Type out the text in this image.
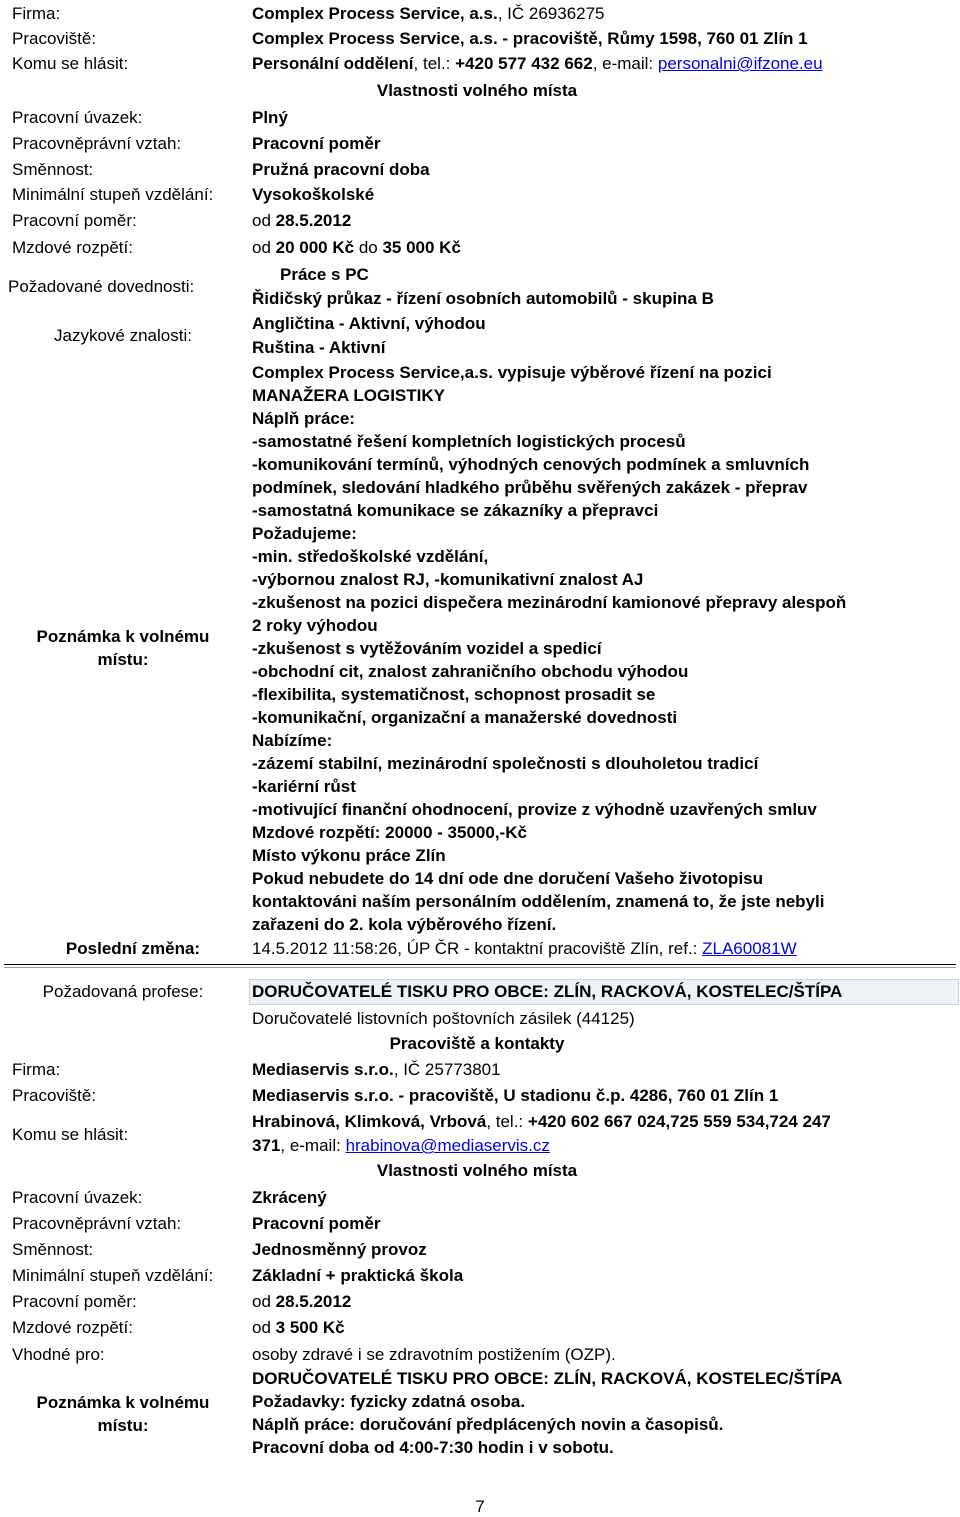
Firma:	Complex Process Service, a.s., IČ 26936275
Pracoviště:	Complex Process Service, a.s. - pracoviště, Růmy 1598, 760 01 Zlín 1
Komu se hlásit:	Personální oddělení, tel.: +420 577 432 662, e-mail: personalni@ifzone.eu
Vlastnosti volného místa
Pracovní úvazek:	Plný
Pracovněprávní vztah:	Pracovní poměr
Směnnost:	Pružná pracovní doba
Minimální stupeň vzdělání: Vysokoškolské
Pracovní poměr:	od 28.5.2012
Mzdové rozpětí:	od 20 000 Kč do 35 000 Kč
Požadované dovednosti:
Práce s PC
Řidičský průkaz - řízení osobních automobilů - skupina B
Jazykové znalosti:
Angličtina - Aktivní, výhodou
Ruština - Aktivní
Poznámka k volnému
místu:
Complex Process Service,a.s. vypisuje výběrové řízení na pozici
MANAŽERA LOGISTIKY
Náplň práce:
-samostatné řešení kompletních logistických procesů
-komunikování termínů, výhodných cenových podmínek a smluvních
podmínek, sledování hladkého průběhu svěřených zakázek - přeprav
-samostatná komunikace se zákazníky a přepravci
Požadujeme:
-min. středoškolské vzdělání,
-výbornou znalost RJ, -komunikativní znalost AJ
-zkušenost na pozici dispečera mezinárodní kamionové přepravy alespoň
2 roky výhodou
-zkušenost s vytěžováním vozidel a spedicí
-obchodní cit, znalost zahraničního obchodu výhodou
-flexibilita, systematičnost, schopnost prosadit se
-komunikační, organizační a manažerské dovednosti
Nabízíme:
-zázemí stabilní, mezinárodní společnosti s dlouholetou tradicí
-kariérní růst
-motivující finanční ohodnocení, provize z výhodně uzavřených smluv
Mzdové rozpětí: 20000 - 35000,-Kč
Místo výkonu práce Zlín
Pokud nebudete do 14 dní ode dne doručení Vašeho životopisu
kontaktováni naším personálním oddělením, znamená to, že jste nebyli
zařazeni do 2. kola výběrového řízení.
Poslední změna:	14.5.2012 11:58:26, ÚP ČR - kontaktní pracoviště Zlín, ref.: ZLA60081W
Požadovaná profese:	DORUČOVATELÉ TISKU PRO OBCE: ZLÍN, RACKOVÁ, KOSTELEC/ŠTÍPA
Doručovatelé listovních poštovních zásilek (44125)
Pracoviště a kontakty
Firma:	Mediaservis s.r.o., IČ 25773801
Pracoviště:	Mediaservis s.r.o. - pracoviště, U stadionu č.p. 4286, 760 01 Zlín 1
Komu se hlásit:
Hrabinová, Klimková, Vrbová, tel.: +420 602 667 024,725 559 534,724 247
371, e-mail: hrabinova@mediaservis.cz
Vlastnosti volného místa
Pracovní úvazek:	Zkrácený
Pracovněprávní vztah:	Pracovní poměr
Směnnost:	Jednosměnný provoz
Minimální stupeň vzdělání: Základní + praktická škola
Pracovní poměr:	od 28.5.2012
Mzdové rozpětí:	od 3 500 Kč
Vhodné pro:	osoby zdravé i se zdravotním postižením (OZP).
Poznámka k volnému
místu:
DORUČOVATELÉ TISKU PRO OBCE: ZLÍN, RACKOVÁ, KOSTELEC/ŠTÍPA
Požadavky: fyzicky zdatná osoba.
Náplň práce: doručování předplácených novin a časopisů.
Pracovní doba od 4:00-7:30 hodin i v sobotu.
7
